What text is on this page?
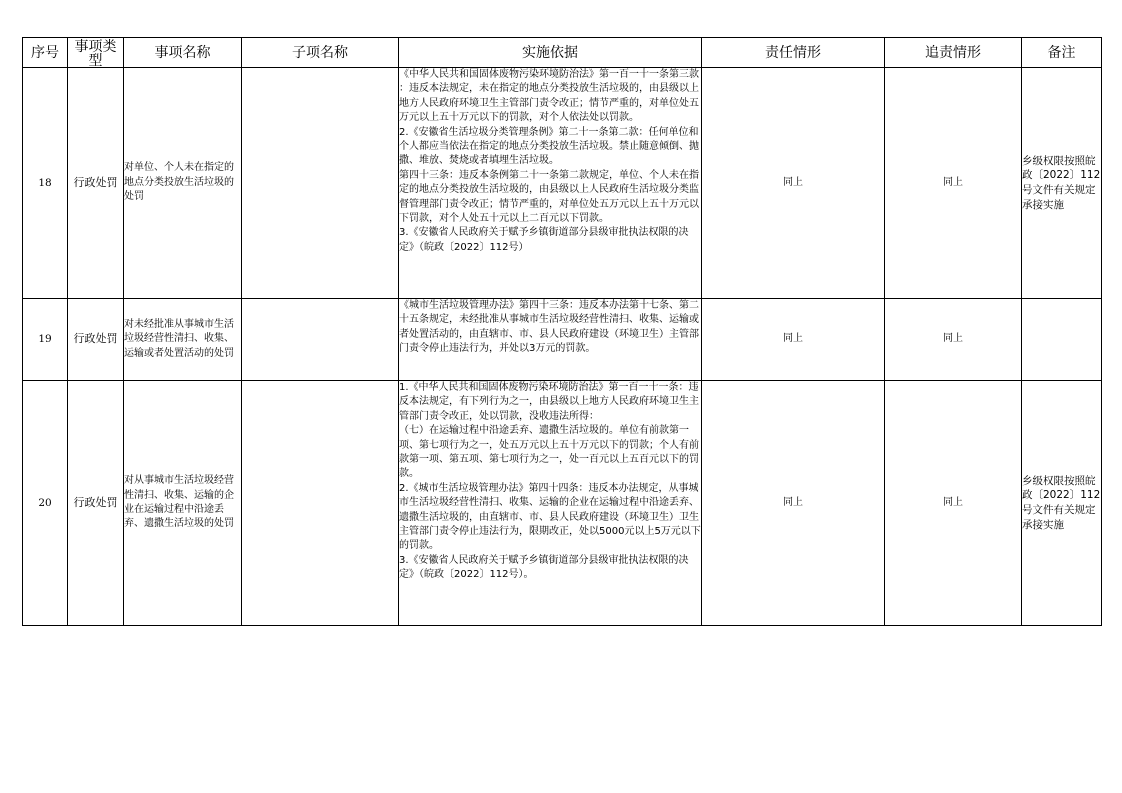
序号	事项类型	事项名称	子项名称	实施依据	责任情形	追责情形	备注
18	行政处罚	对单位、个人未在指定的地点分类投放生活垃圾的处罚		《中华人民共和国固体废物污染环境防治法》第一百一十一条第三款 ：违反本法规定，未在指定的地点分类投放生活垃圾的，由县级以上地方人民政府环境卫生主管部门责令改正；情节严重的，对单位处五万元以上五十万元以下的罚款，对个人依法处以罚款。

2.《安徽省生活垃圾分类管理条例》第二十一条第二款：任何单位和个人都应当依法在指定的地点分类投放生活垃圾。禁止随意倾倒、抛撒、堆放、焚烧或者填埋生活垃圾。

第四十三条：违反本条例第二十一条第二款规定，单位、个人未在指定的地点分类投放生活垃圾的，由县级以上人民政府生活垃圾分类监督管理部门责令改正；情节严重的，对单位处五万元以上五十万元以下罚款，对个人处五十元以上二百元以下罚款。

3.《安徽省人民政府关于赋予乡镇街道部分县级审批执法权限的决定》（皖政〔2022〕112号）	同上	同上	乡级权限按照皖政〔2022〕112号文件有关规定承接实施
19	行政处罚	对未经批准从事城市生活垃圾经营性清扫、收集、运输或者处置活动的处罚		《城市生活垃圾管理办法》第四十三条：违反本办法第十七条、第二十五条规定，未经批准从事城市生活垃圾经营性清扫、收集、运输或者处置活动的，由直辖市、市、县人民政府建设（环境卫生）主管部门责令停止违法行为，并处以3万元的罚款。	同上	同上	
20	行政处罚	对从事城市生活垃圾经营性清扫、收集、运输的企业在运输过程中沿途丢弃、遗撒生活垃圾的处罚		1.《中华人民共和国固体废物污染环境防治法》第一百一十一条：违反本法规定，有下列行为之一，由县级以上地方人民政府环境卫生主管部门责令改正，处以罚款，没收违法所得：

（七）在运输过程中沿途丢弃、遗撒生活垃圾的。单位有前款第一项、第七项行为之一，处五万元以上五十万元以下的罚款；个人有前款第一项、第五项、第七项行为之一，处一百元以上五百元以下的罚款。

2.《城市生活垃圾管理办法》第四十四条：违反本办法规定，从事城市生活垃圾经营性清扫、收集、运输的企业在运输过程中沿途丢弃、遗撒生活垃圾的，由直辖市、市、县人民政府建设（环境卫生）卫生主管部门责令停止违法行为，限期改正，处以5000元以上5万元以下的罚款。

3.《安徽省人民政府关于赋予乡镇街道部分县级审批执法权限的决定》（皖政〔2022〕112号）。	同上	同上	乡级权限按照皖政〔2022〕112号文件有关规定承接实施
